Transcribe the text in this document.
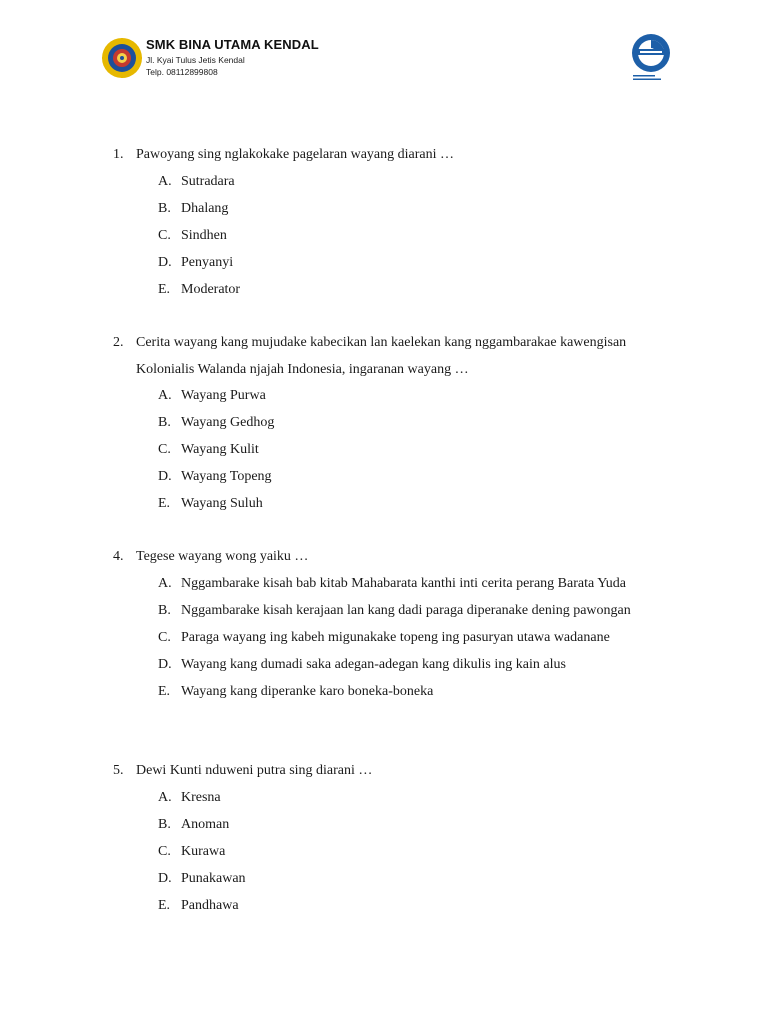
SMK BINA UTAMA KENDAL
Jl. Kyai Tulus Jetis Kendal
Telp. 08112899808
1. Pawoyang sing nglakokake pagelaran wayang diarani …
A. Sutradara
B. Dhalang
C. Sindhen
D. Penyanyi
E. Moderator
2. Cerita wayang kang mujudake kabecikan lan kaelekan kang nggambarakae kawengisan
Kolonialis Walanda njajah Indonesia, ingaranan wayang …
A. Wayang Purwa
B. Wayang Gedhog
C. Wayang Kulit
D. Wayang Topeng
E. Wayang Suluh
4. Tegese wayang wong yaiku …
A. Nggambarake kisah bab kitab Mahabarata kanthi inti cerita perang Barata Yuda
B. Nggambarake kisah kerajaan lan kang dadi paraga diperanake dening pawongan
C. Paraga wayang ing kabeh migunakake topeng ing pasuryan utawa wadanane
D. Wayang kang dumadi saka adegan-adegan kang dikulis ing kain alus
E. Wayang kang diperanke karo boneka-boneka
5. Dewi Kunti nduweni putra sing diarani …
A. Kresna
B. Anoman
C. Kurawa
D. Punakawan
E. Pandhawa
